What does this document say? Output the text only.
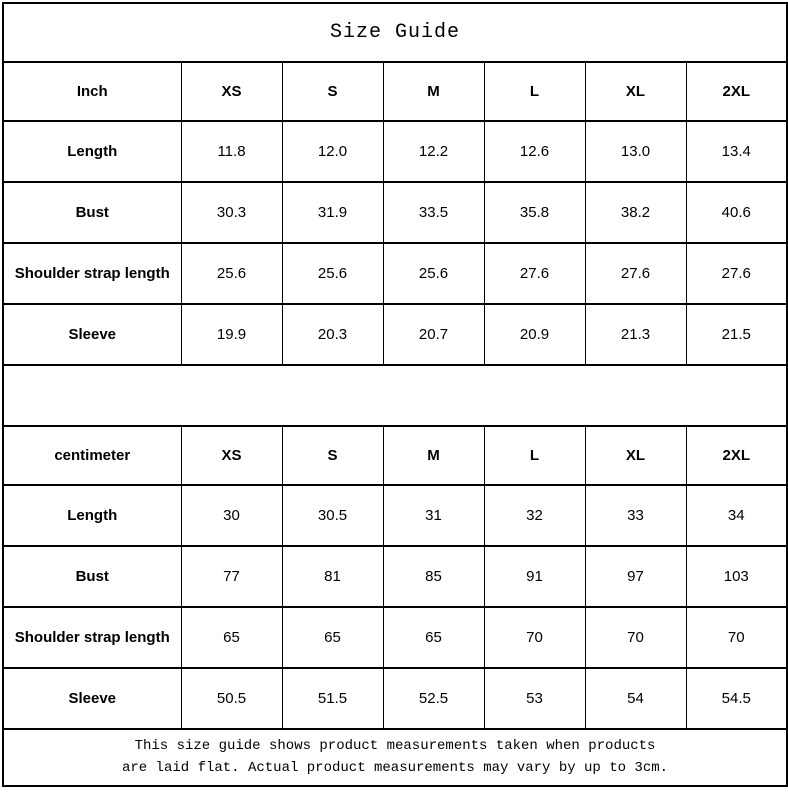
Size Guide						
Inch	XS	S	M	L	XL	2XL
Length	11.8	12.0	12.2	12.6	13.0	13.4
Bust	30.3	31.9	33.5	35.8	38.2	40.6
Shoulder strap length	25.6	25.6	25.6	27.6	27.6	27.6
Sleeve	19.9	20.3	20.7	20.9	21.3	21.5

centimeter	XS	S	M	L	XL	2XL
Length	30	30.5	31	32	33	34
Bust	77	81	85	91	97	103
Shoulder strap length	65	65	65	70	70	70
Sleeve	50.5	51.5	52.5	53	54	54.5

This size guide shows product measurements taken when products
are laid flat. Actual product measurements may vary by up to 3cm.						
